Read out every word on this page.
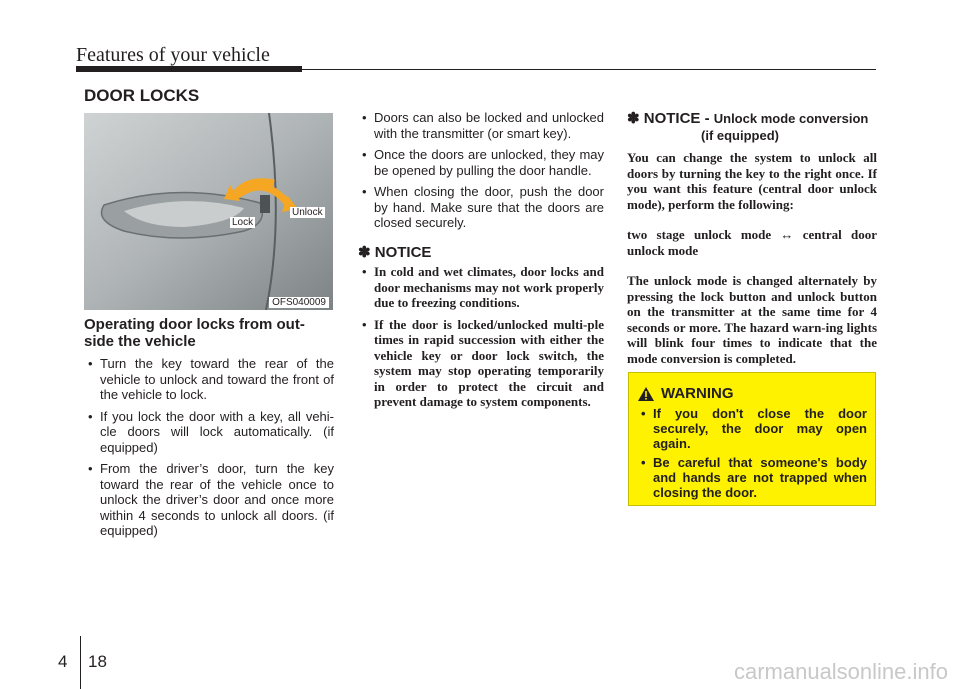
Features of your vehicle
DOOR LOCKS
Lock
Unlock
OFS040009
Operating door locks from out-side the vehicle
• Turn the key toward the rear of the vehicle to unlock and toward the front of the vehicle to lock.
• If you lock the door with a key, all vehi-cle doors will lock automatically. (if equipped)
• From the driver’s door, turn the key toward the rear of the vehicle once to unlock the driver’s door and once more within 4 seconds to unlock all doors. (if equipped)
• Doors can also be locked and unlocked with the transmitter (or smart key).
• Once the doors are unlocked, they may be opened by pulling the door handle.
• When closing the door, push the door by hand. Make sure that the doors are closed securely.
✽ NOTICE
• In cold and wet climates, door locks and door mechanisms may not work properly due to freezing conditions.
• If the door is locked/unlocked multi-ple times in rapid succession with either the vehicle key or door lock switch, the system may stop operating temporarily in order to protect the circuit and prevent damage to system components.
✽ NOTICE - Unlock mode conversion
(if equipped)

You can change the system to unlock all doors by turning the key to the right once. If you want this feature (central door unlock mode), perform the following:

two stage unlock mode ↔ central door unlock mode

The unlock mode is changed alternately by pressing the lock button and unlock button on the transmitter at the same time for 4 seconds or more. The hazard warn-ing lights will blink four times to indicate that the mode conversion is completed.

WARNING
• If you don't close the door securely, the door may open again.
• Be careful that someone's body and hands are not trapped when closing the door.
4 18	carmanualsonline.info
